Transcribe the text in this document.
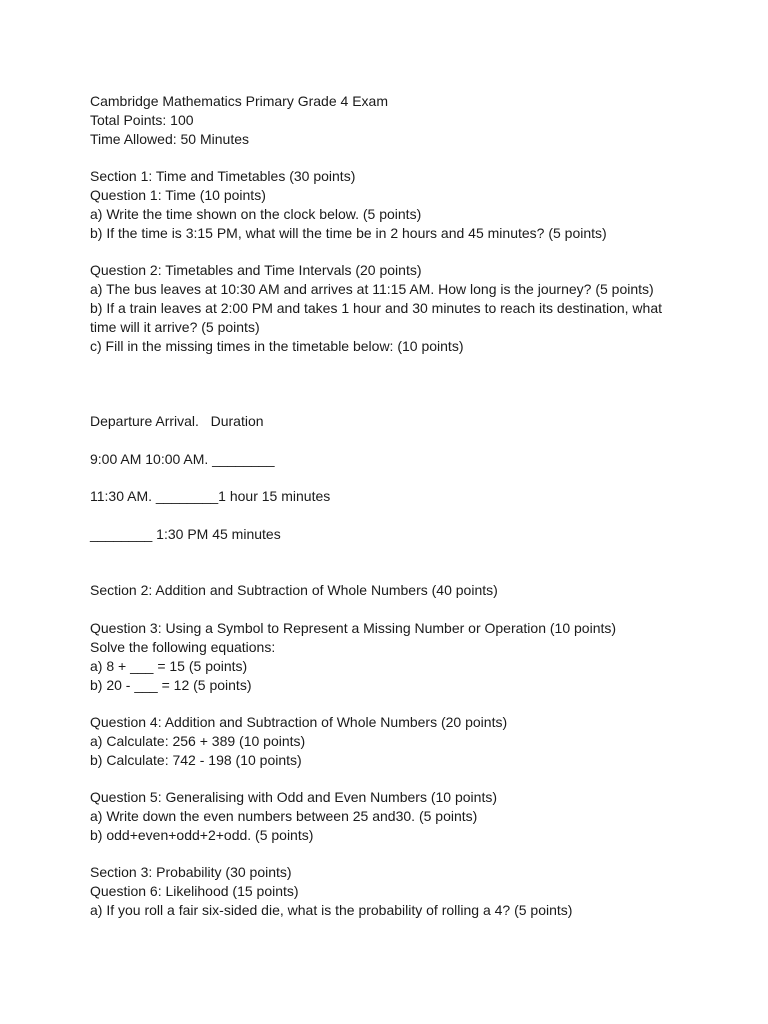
Cambridge Mathematics Primary Grade 4 Exam

Total Points: 100

Time Allowed: 50 Minutes

Section 1: Time and Timetables (30 points)

Question 1: Time (10 points)

a) Write the time shown on the clock below. (5 points)

b) If the time is 3:15 PM, what will the time be in 2 hours and 45 minutes? (5 points)

Question 2: Timetables and Time Intervals (20 points)

a) The bus leaves at 10:30 AM and arrives at 11:15 AM. How long is the journey? (5 points)

b) If a train leaves at 2:00 PM and takes 1 hour and 30 minutes to reach its destination, what

time will it arrive? (5 points)

c) Fill in the missing times in the timetable below: (10 points)

Departure Arrival.   Duration

9:00 AM 10:00 AM. ________

11:30 AM. ________1 hour 15 minutes

________ 1:30 PM 45 minutes

Section 2: Addition and Subtraction of Whole Numbers (40 points)

Question 3: Using a Symbol to Represent a Missing Number or Operation (10 points)

Solve the following equations:

a) 8 + ___ = 15 (5 points)

b) 20 - ___ = 12 (5 points)

Question 4: Addition and Subtraction of Whole Numbers (20 points)

a) Calculate: 256 + 389 (10 points)

b) Calculate: 742 - 198 (10 points)

Question 5: Generalising with Odd and Even Numbers (10 points)

a) Write down the even numbers between 25 and30. (5 points)

b) odd+even+odd+2+odd. (5 points)

Section 3: Probability (30 points)

Question 6: Likelihood (15 points)

a) If you roll a fair six-sided die, what is the probability of rolling a 4? (5 points)
